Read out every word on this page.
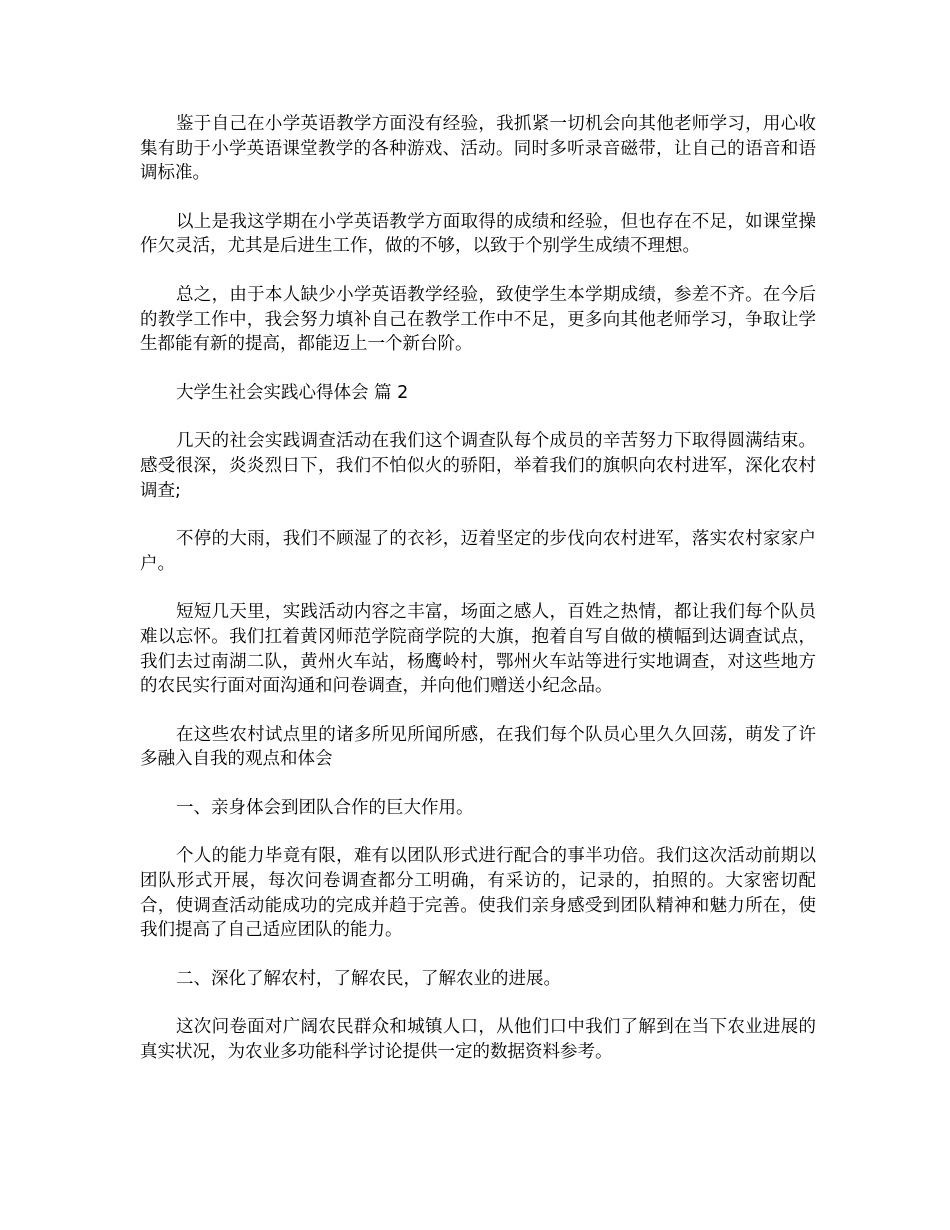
鉴于自己在小学英语教学方面没有经验，我抓紧一切机会向其他老师学习，用心收集有助于小学英语课堂教学的各种游戏、活动。同时多听录音磁带，让自己的语音和语调标准。

以上是我这学期在小学英语教学方面取得的成绩和经验，但也存在不足，如课堂操作欠灵活，尤其是后进生工作，做的不够，以致于个别学生成绩不理想。

总之，由于本人缺少小学英语教学经验，致使学生本学期成绩，参差不齐。在今后的教学工作中，我会努力填补自己在教学工作中不足，更多向其他老师学习，争取让学生都能有新的提高，都能迈上一个新台阶。

大学生社会实践心得体会 篇 2

几天的社会实践调查活动在我们这个调查队每个成员的辛苦努力下取得圆满结束。感受很深，炎炎烈日下，我们不怕似火的骄阳，举着我们的旗帜向农村进军，深化农村调查;

不停的大雨，我们不顾湿了的衣衫，迈着坚定的步伐向农村进军，落实农村家家户户。

短短几天里，实践活动内容之丰富，场面之感人，百姓之热情，都让我们每个队员难以忘怀。我们扛着黄冈师范学院商学院的大旗，抱着自写自做的横幅到达调查试点，我们去过南湖二队，黄州火车站，杨鹰岭村，鄂州火车站等进行实地调查，对这些地方的农民实行面对面沟通和问卷调查，并向他们赠送小纪念品。

在这些农村试点里的诸多所见所闻所感，在我们每个队员心里久久回荡，萌发了许多融入自我的观点和体会

一、亲身体会到团队合作的巨大作用。

个人的能力毕竟有限，难有以团队形式进行配合的事半功倍。我们这次活动前期以团队形式开展，每次问卷调查都分工明确，有采访的，记录的，拍照的。大家密切配合，使调查活动能成功的完成并趋于完善。使我们亲身感受到团队精神和魅力所在，使我们提高了自己适应团队的能力。

二、深化了解农村，了解农民，了解农业的进展。

这次问卷面对广阔农民群众和城镇人口，从他们口中我们了解到在当下农业进展的真实状况，为农业多功能科学讨论提供一定的数据资料参考。
